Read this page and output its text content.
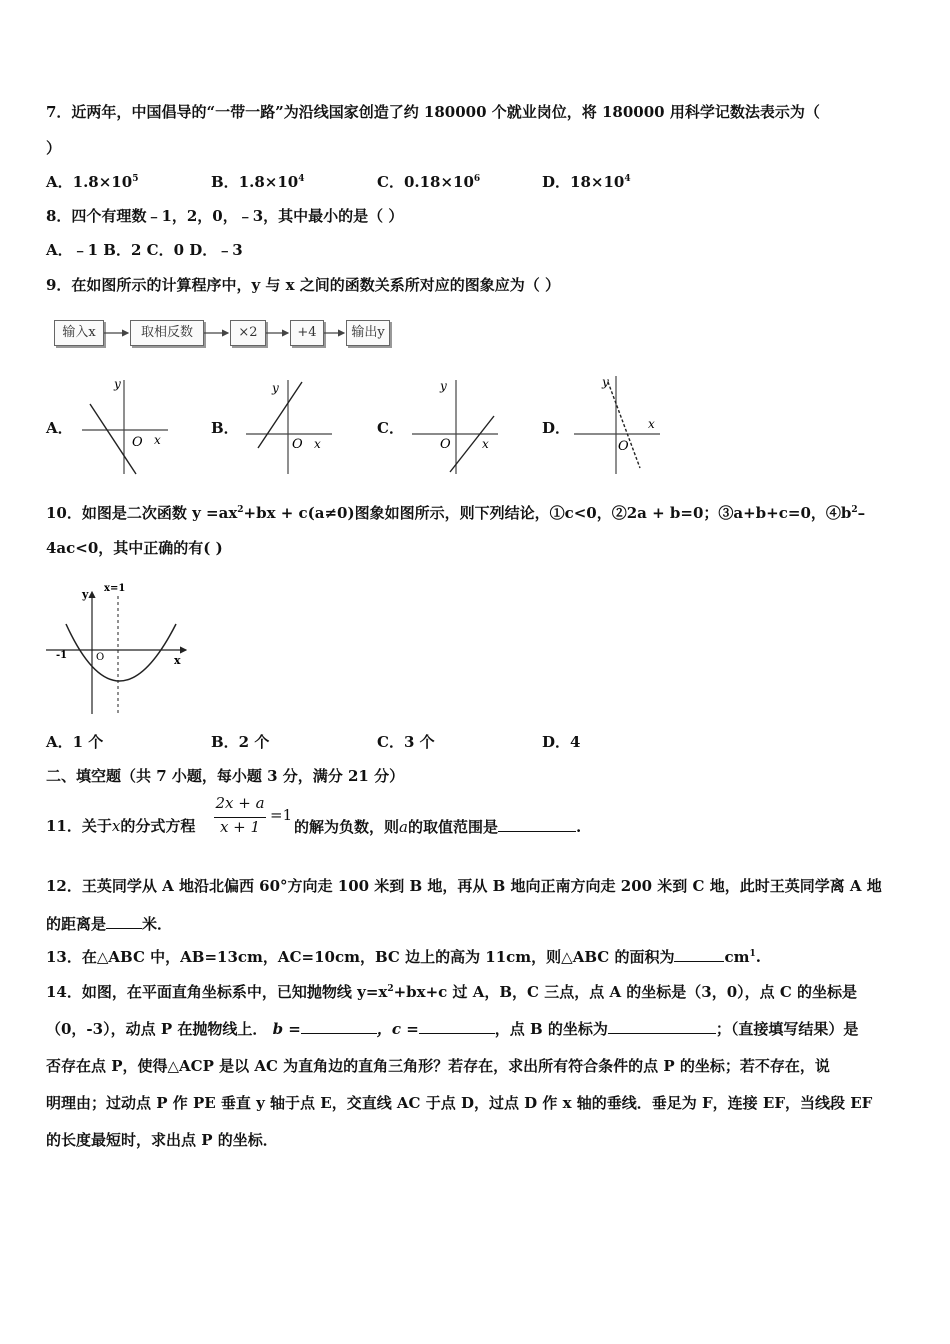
7．近两年，中国倡导的“一带一路”为沿线国家创造了约 180000 个就业岗位，将 180000 用科学记数法表示为（
）
A．$1.8\times 10^5$	B．$1.8\times 10^4$	C．$0.18\times 10^6$	D．$18\times 10^4$
8．四个有理数﹣1，2，0，﹣3，其中最小的是（ ）
A．﹣1 B．2 C．0 D．﹣3
9．在如图所示的计算程序中，y 与 x 之间的函数关系所对应的图象应为（ ）
输入x	取相反数	×2	+4	输出y
A．	B．	C．	D．
y
x
O
y
x
O
y
x
O
y
x
O
10．如图是二次函数 $y =ax^2+bx + c(a\ne 0)$图象如图所示，则下列结论，①c<0，②2a + b=0；③a+b+c=0，$④b^2-$
4ac<0，其中正确的有( )
x=1
y
x
O
-1
A．1 个	B．2 个	C．3 个	D．4
二、填空题（共 7 小题，每小题 3 分，满分 21 分）
11．关于x的分式方程
2x + a
x + 1
=1
的解为负数，则a的取值范围是	.
12．王英同学从 A 地沿北偏西 60°方向走 100 米到 B 地，再从 B 地向正南方向走 200 米到 C 地，此时王英同学离 A 地
的距离是 米．
13．在△ABC 中，AB=13cm，AC=10cm，BC 边上的高为 11cm，则△ABC 的面积为	$cm^1$.
14．如图，在平面直角坐标系中，已知抛物线 $y=x^2+bx+c$ 过 A，B，C 三点，点 A 的坐标是（3，0），点 C 的坐标是
（0，-3），动点 P 在抛物线上． b =	，c =	，点 B 的坐标为	；（直接填写结果）是
否存在点 P，使得△ACP 是以 AC 为直角边的直角三角形？若存在，求出所有符合条件的点 P 的坐标；若不存在，说
明理由；过动点 P 作 PE 垂直 y 轴于点 E，交直线 AC 于点 D，过点 D 作 x 轴的垂线．垂足为 F，连接 EF，当线段 EF
的长度最短时，求出点 P 的坐标．
